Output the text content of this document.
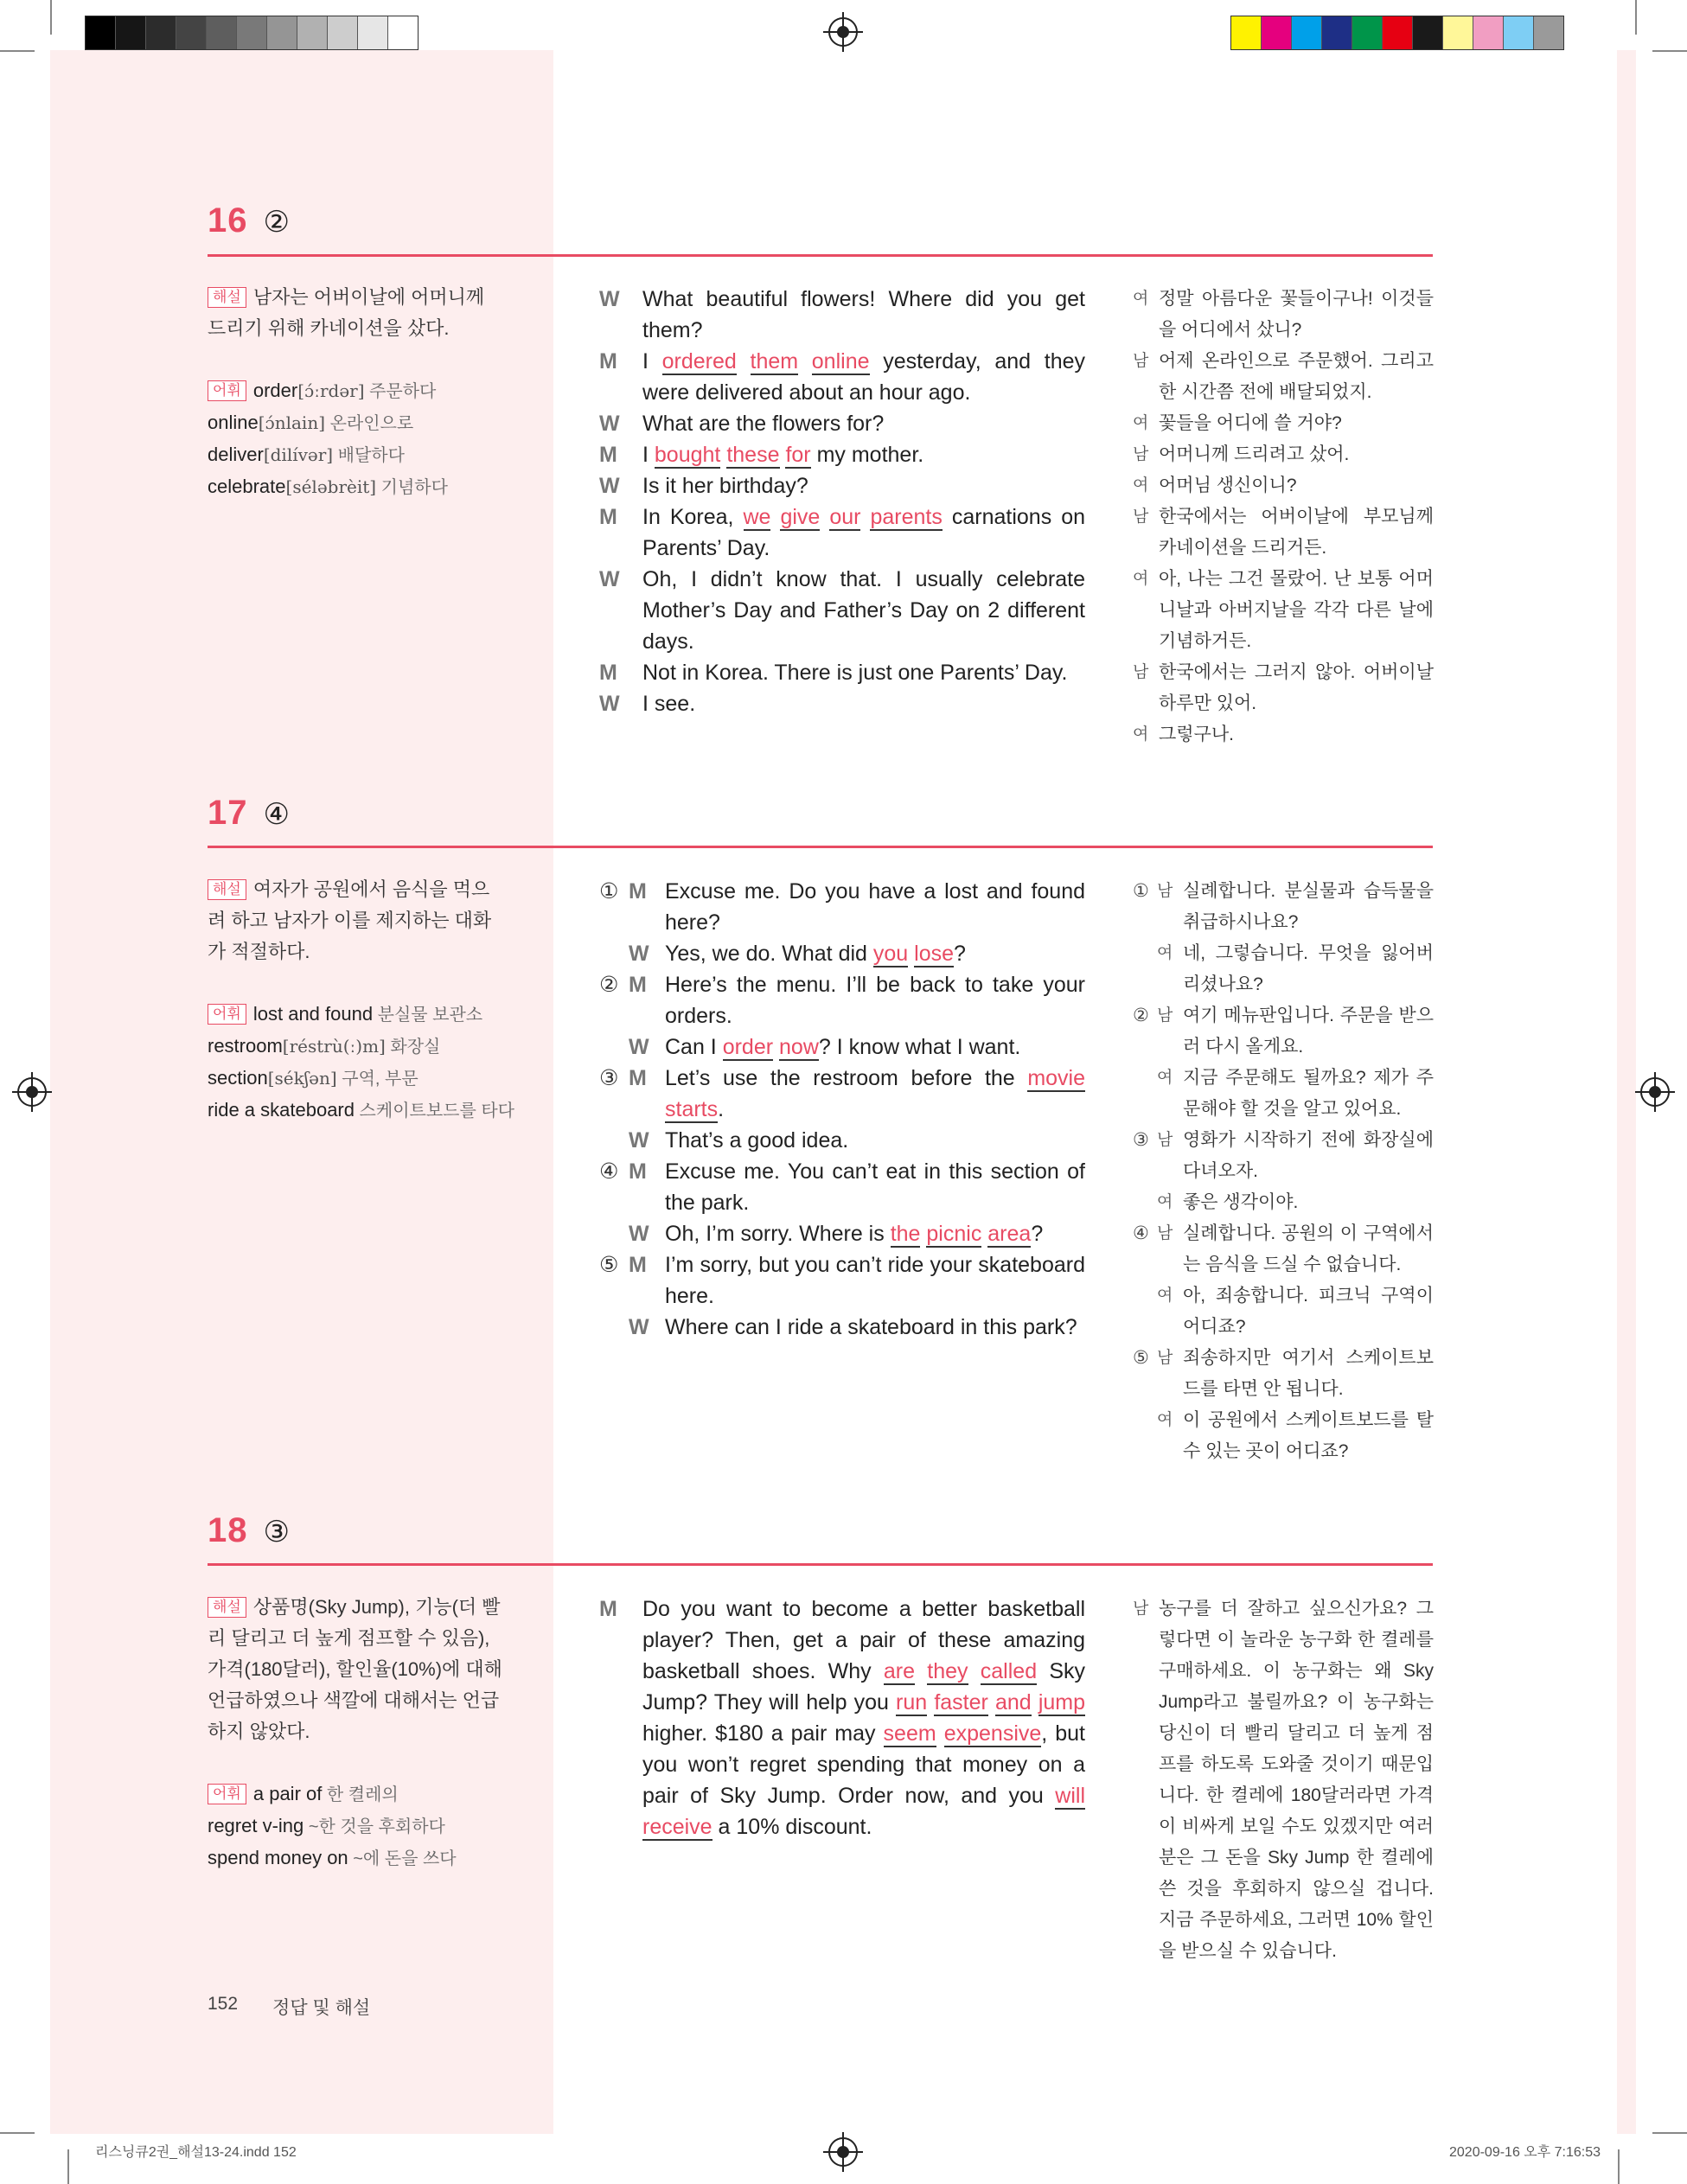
16 ②
해설 남자는 어버이날에 어머니께 드리기 위해 카네이션을 샀다.
어휘 order[ɔ́ːrdər] 주문하다
online[ɔ́nlain] 온라인으로
deliver[dilívər] 배달하다
celebrate[séləbrèit] 기념하다
W	What beautiful flowers! Where did you get them?
M	I ordered them online yesterday, and they were delivered about an hour ago.
W	What are the flowers for?
M	I bought these for my mother.
W	Is it her birthday?
M	In Korea, we give our parents carnations on Parents’ Day.
W	Oh, I didn’t know that. I usually celebrate Mother’s Day and Father’s Day on 2 different days.
M	Not in Korea. There is just one Parents’ Day.
W	I see.
여 정말 아름다운 꽃들이구나! 이것들을 어디에서 샀니?
남 어제 온라인으로 주문했어. 그리고 한 시간쯤 전에 배달되었지.
여 꽃들을 어디에 쓸 거야?
남 어머니께 드리려고 샀어.
여 어머님 생신이니?
남 한국에서는 어버이날에 부모님께 카네이션을 드리거든.
여 아, 나는 그건 몰랐어. 난 보통 어머니날과 아버지날을 각각 다른 날에 기념하거든.
남 한국에서는 그러지 않아. 어버이날 하루만 있어.
여 그렇구나.
17 ④
해설 여자가 공원에서 음식을 먹으려 하고 남자가 이를 제지하는 대화가 적절하다.
어휘 lost and found 분실물 보관소
restroom[réstrù(ː)m] 화장실
section[sékʃən] 구역, 부문
ride a skateboard 스케이트보드를 타다
① M Excuse me. Do you have a lost and found here?
W Yes, we do. What did you lose?
② M Here’s the menu. I’ll be back to take your orders.
W Can I order now? I know what I want.
③ M Let’s use the restroom before the movie starts.
W That’s a good idea.
④ M Excuse me. You can’t eat in this section of the park.
W Oh, I’m sorry. Where is the picnic area?
⑤ M I’m sorry, but you can’t ride your skateboard here.
W Where can I ride a skateboard in this park?
① 남 실례합니다. 분실물과 습득물을 취급하시나요?
여 네, 그렇습니다. 무엇을 잃어버리셨나요?
② 남 여기 메뉴판입니다. 주문을 받으러 다시 올게요.
여 지금 주문해도 될까요? 제가 주문해야 할 것을 알고 있어요.
③ 남 영화가 시작하기 전에 화장실에 다녀오자.
여 좋은 생각이야.
④ 남 실례합니다. 공원의 이 구역에서는 음식을 드실 수 없습니다.
여 아, 죄송합니다. 피크닉 구역이 어디죠?
⑤ 남 죄송하지만 여기서 스케이트보드를 타면 안 됩니다.
여 이 공원에서 스케이트보드를 탈 수 있는 곳이 어디죠?
18 ③
해설 상품명(Sky Jump), 기능(더 빨리 달리고 더 높게 점프할 수 있음), 가격(180달러), 할인율(10%)에 대해 언급하였으나 색깔에 대해서는 언급하지 않았다.
어휘 a pair of 한 켤레의
regret v-ing ~한 것을 후회하다
spend money on ~에 돈을 쓰다
M	Do you want to become a better basketball player? Then, get a pair of these amazing basketball shoes. Why are they called Sky Jump? They will help you run faster and jump higher. $180 a pair may seem expensive, but you won’t regret spending that money on a pair of Sky Jump. Order now, and you will receive a 10% discount.
남 농구를 더 잘하고 싶으신가요? 그렇다면 이 놀라운 농구화 한 켤레를 구매하세요. 이 농구화는 왜 Sky Jump라고 불릴까요? 이 농구화는 당신이 더 빨리 달리고 더 높게 점프를 하도록 도와줄 것이기 때문입니다. 한 켤레에 180달러라면 가격이 비싸게 보일 수도 있겠지만 여러분은 그 돈을 Sky Jump 한 켤레에 쓴 것을 후회하지 않으실 겁니다. 지금 주문하세요, 그러면 10% 할인을 받으실 수 있습니다.
152 정답 및 해설
리스닝큐2권_해설13-24.indd 152	2020-09-16 오후 7:16:53
